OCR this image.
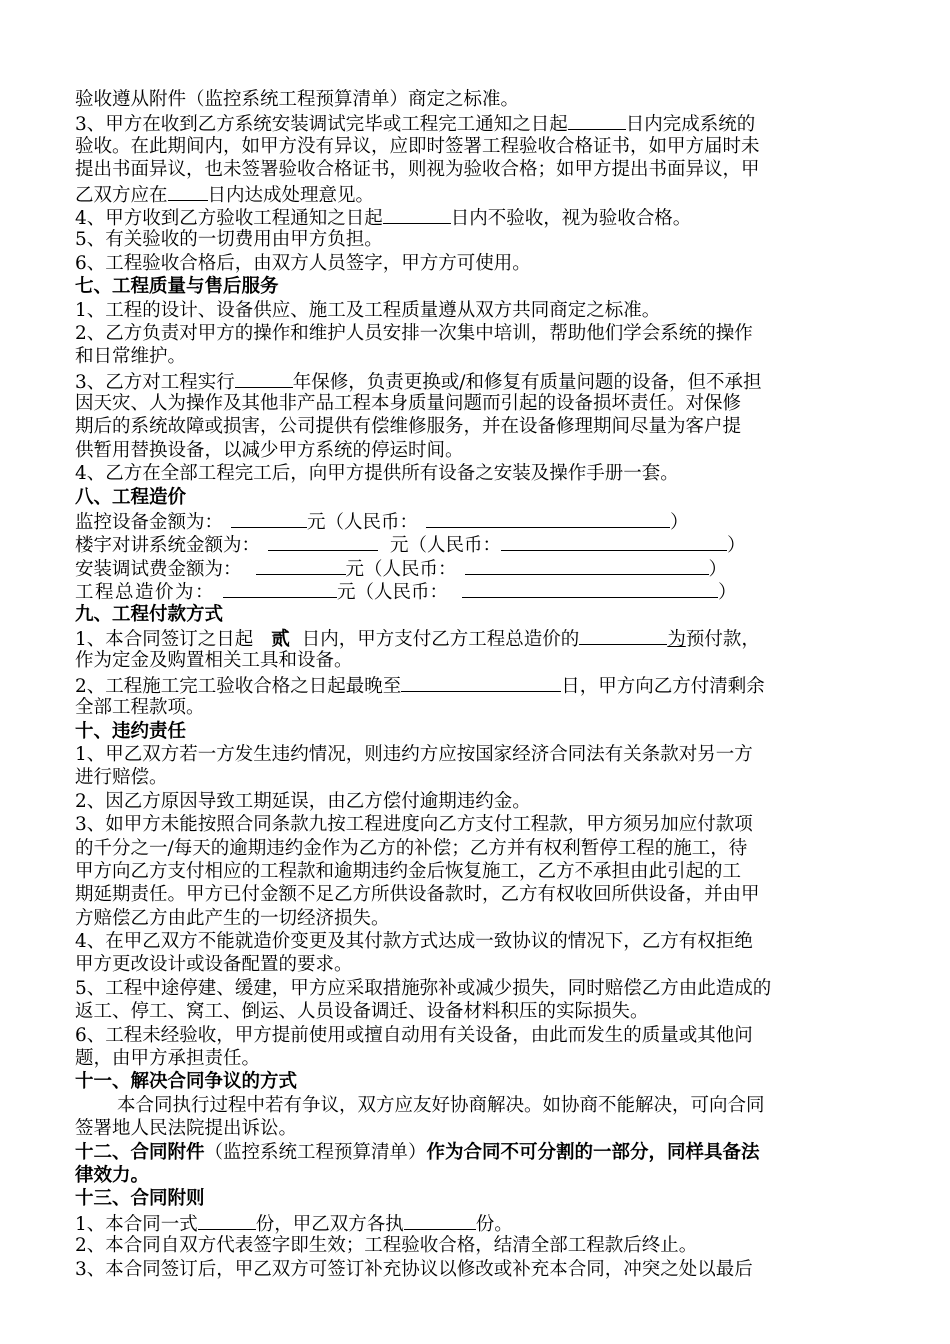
验收遵从附件（监控系统工程预算清单）商定之标准。
3、甲方在收到乙方系统安装调试完毕或工程完工通知之日起	日内完成系统的
验收。在此期间内，如甲方没有异议，应即时签署工程验收合格证书，如甲方届时未
提出书面异议，也未签署验收合格证书，则视为验收合格；如甲方提出书面异议，甲
乙双方应在 日内达成处理意见。
4、甲方收到乙方验收工程通知之日起	日内不验收，视为验收合格。
5、有关验收的一切费用由甲方负担。
6、工程验收合格后，由双方人员签字，甲方方可使用。
七、工程质量与售后服务
1、工程的设计、设备供应、施工及工程质量遵从双方共同商定之标准。
2、乙方负责对甲方的操作和维护人员安排一次集中培训，帮助他们学会系统的操作
和日常维护。
3、乙方对工程实行	年保修，负责更换或/和修复有质量问题的设备，但不承担
因天灾、人为操作及其他非产品工程本身质量问题而引起的设备损坏责任。对保修
期后的系统故障或损害，公司提供有偿维修服务，并在设备修理期间尽量为客户提
供暂用替换设备，以减少甲方系统的停运时间。
4、乙方在全部工程完工后，向甲方提供所有设备之安装及操作手册一套。
八、工程造价
监控设备金额为：	元（人民币：	）
楼宇对讲系统金额为：	元（人民币：	）
安装调试费金额为：	元（人民币：	）
工程总造价为：	元（人民币：	）
九、工程付款方式
1、本合同签订之日起 贰 日内，甲方支付乙方工程总造价的	为预付款，
作为定金及购置相关工具和设备。
2、工程施工完工验收合格之日起最晚至	日，甲方向乙方付清剩余
全部工程款项。
十、违约责任
1、甲乙双方若一方发生违约情况，则违约方应按国家经济合同法有关条款对另一方
进行赔偿。
2、因乙方原因导致工期延误，由乙方偿付逾期违约金。
3、如甲方未能按照合同条款九按工程进度向乙方支付工程款，甲方须另加应付款项
的千分之一/每天的逾期违约金作为乙方的补偿；乙方并有权利暂停工程的施工，待
甲方向乙方支付相应的工程款和逾期违约金后恢复施工，乙方不承担由此引起的工
期延期责任。甲方已付金额不足乙方所供设备款时，乙方有权收回所供设备，并由甲
方赔偿乙方由此产生的一切经济损失。
4、在甲乙双方不能就造价变更及其付款方式达成一致协议的情况下，乙方有权拒绝
甲方更改设计或设备配置的要求。
5、工程中途停建、缓建，甲方应采取措施弥补或减少损失，同时赔偿乙方由此造成的
返工、停工、窝工、倒运、人员设备调迁、设备材料积压的实际损失。
6、工程未经验收，甲方提前使用或擅自动用有关设备，由此而发生的质量或其他问
题，由甲方承担责任。
十一、解决合同争议的方式
本合同执行过程中若有争议，双方应友好协商解决。如协商不能解决，可向合同
签署地人民法院提出诉讼。
十二、合同附件（监控系统工程预算清单）作为合同不可分割的一部分，同样具备法
律效力。
十三、合同附则
1、本合同一式	份，甲乙双方各执	份。
2、本合同自双方代表签字即生效；工程验收合格，结清全部工程款后终止。
3、本合同签订后，甲乙双方可签订补充协议以修改或补充本合同，冲突之处以最后
